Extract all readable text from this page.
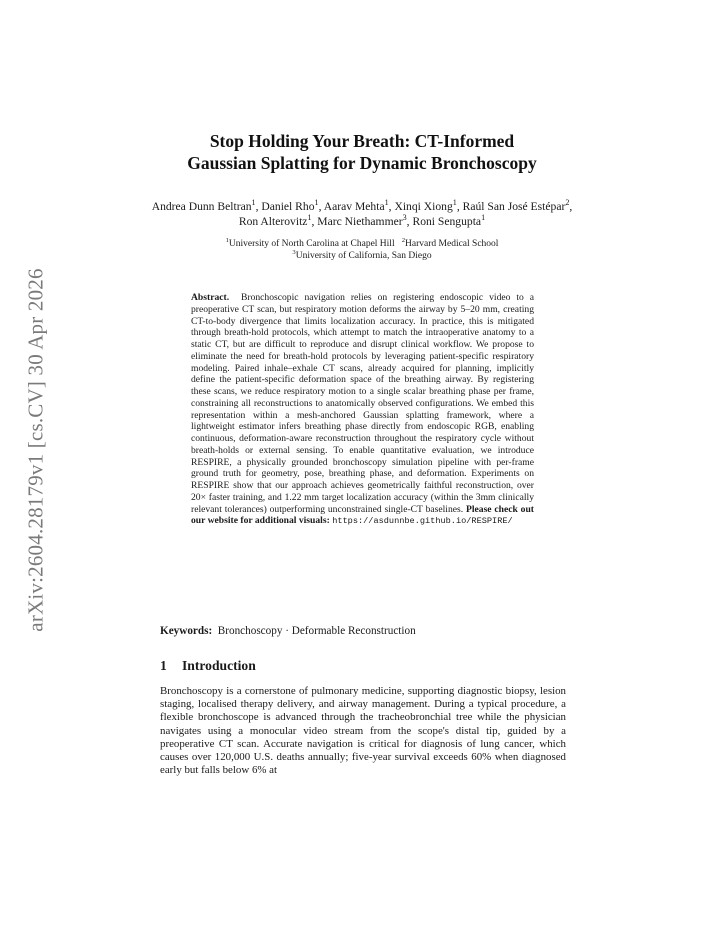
arXiv:2604.28179v1 [cs.CV] 30 Apr 2026
Stop Holding Your Breath: CT-Informed
Gaussian Splatting for Dynamic Bronchoscopy
Andrea Dunn Beltran$^1$, Daniel Rho$^1$, Aarav Mehta$^1$, Xinqi Xiong$^1$, Raúl San José Estépar$^2$, Ron Alterovitz$^1$, Marc Niethammer$^3$, Roni Sengupta$^1$
$^1$University of North Carolina at Chapel Hill $^2$Harvard Medical School
$^3$University of California, San Diego
Abstract. Bronchoscopic navigation relies on registering endoscopic video to a preoperative CT scan, but respiratory motion deforms the airway by 5–20 mm, creating CT-to-body divergence that limits localization accuracy. In practice, this is mitigated through breath-hold protocols, which attempt to match the intraoperative anatomy to a static CT, but are difficult to reproduce and disrupt clinical workflow. We propose to eliminate the need for breath-hold protocols by leveraging patient-specific respiratory modeling. Paired inhale–exhale CT scans, already acquired for planning, implicitly define the patient-specific deformation space of the breathing airway. By registering these scans, we reduce respiratory motion to a single scalar breathing phase per frame, constraining all reconstructions to anatomically observed configurations. We embed this representation within a mesh-anchored Gaussian splatting framework, where a lightweight estimator infers breathing phase directly from endoscopic RGB, enabling continuous, deformation-aware reconstruction throughout the respiratory cycle without breath-holds or external sensing. To enable quantitative evaluation, we introduce RESPIRE, a physically grounded bronchoscopy simulation pipeline with per-frame ground truth for geometry, pose, breathing phase, and deformation. Experiments on RESPIRE show that our approach achieves geometrically faithful reconstruction, over 20× faster training, and 1.22 mm target localization accuracy (within the 3mm clinically relevant tolerances) outperforming unconstrained single-CT baselines. Please check out our website for additional visuals: https://asdunnbe.github.io/RESPIRE/
Keywords: Bronchoscopy · Deformable Reconstruction
1 Introduction
Bronchoscopy is a cornerstone of pulmonary medicine, supporting diagnostic biopsy, lesion staging, localised therapy delivery, and airway management. During a typical procedure, a flexible bronchoscope is advanced through the tracheobronchial tree while the physician navigates using a monocular video stream from the scope's distal tip, guided by a preoperative CT scan. Accurate navigation is critical for diagnosis of lung cancer, which causes over 120,000 U.S. deaths annually; five-year survival exceeds 60% when diagnosed early but falls below 6% at
